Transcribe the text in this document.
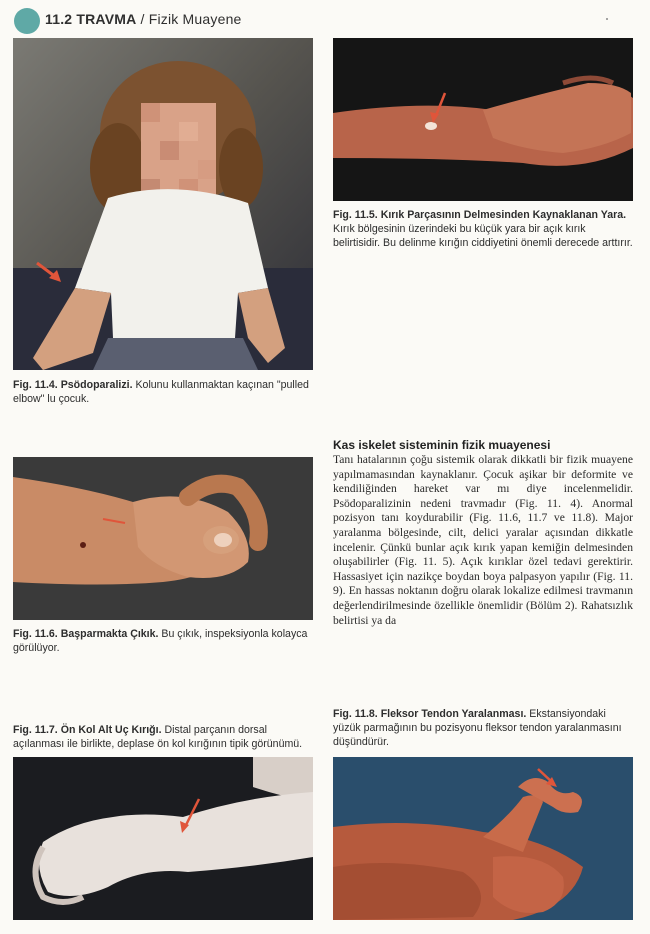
11.2 TRAVMA / Fizik Muayene
Fig. 11.4. Psödoparalizi. Kolunu kullanmaktan kaçınan "pulled elbow" lu çocuk.
Fig. 11.5. Kırık Parçasının Delmesinden Kaynaklanan Yara. Kırık bölgesinin üzerindeki bu küçük yara bir açık kırık belirtisidir. Bu delinme kırığın ciddiyetini önemli derecede arttırır.
Fig. 11.6. Başparmakta Çıkık. Bu çıkık, inspeksiyonla kolayca görülüyor.
Kas iskelet sisteminin fizik muayenesi
Tanı hatalarının çoğu sistemik olarak dikkatli bir fizik muayene yapılmamasından kaynaklanır. Çocuk aşikar bir deformite ve kendiliğinden hareket var mı diye incelenmelidir. Psödoparalizinin nedeni travmadır (Fig. 11. 4). Anormal pozisyon tanı koydurabilir (Fig. 11.6, 11.7 ve 11.8). Major yaralanma bölgesinde, cilt, delici yaralar açısından dikkatle incelenir. Çünkü bunlar açık kırık yapan kemiğin delmesinden oluşabilirler (Fig. 11. 5). Açık kırıklar özel tedavi gerektirir. Hassasiyet için nazikçe boydan boya palpasyon yapılır (Fig. 11. 9). En hassas noktanın doğru olarak lokalize edilmesi travmanın değerlendirilmesinde özellikle önemlidir (Bölüm 2). Rahatsızlık belirtisi ya da
Fig. 11.7. Ön Kol Alt Uç Kırığı. Distal parçanın dorsal açılanması ile birlikte, deplase ön kol kırığının tipik görünümü.
Fig. 11.8. Fleksor Tendon Yaralanması. Ekstansiyondaki yüzük parmağının bu pozisyonu fleksor tendon yaralanmasını düşündürür.
